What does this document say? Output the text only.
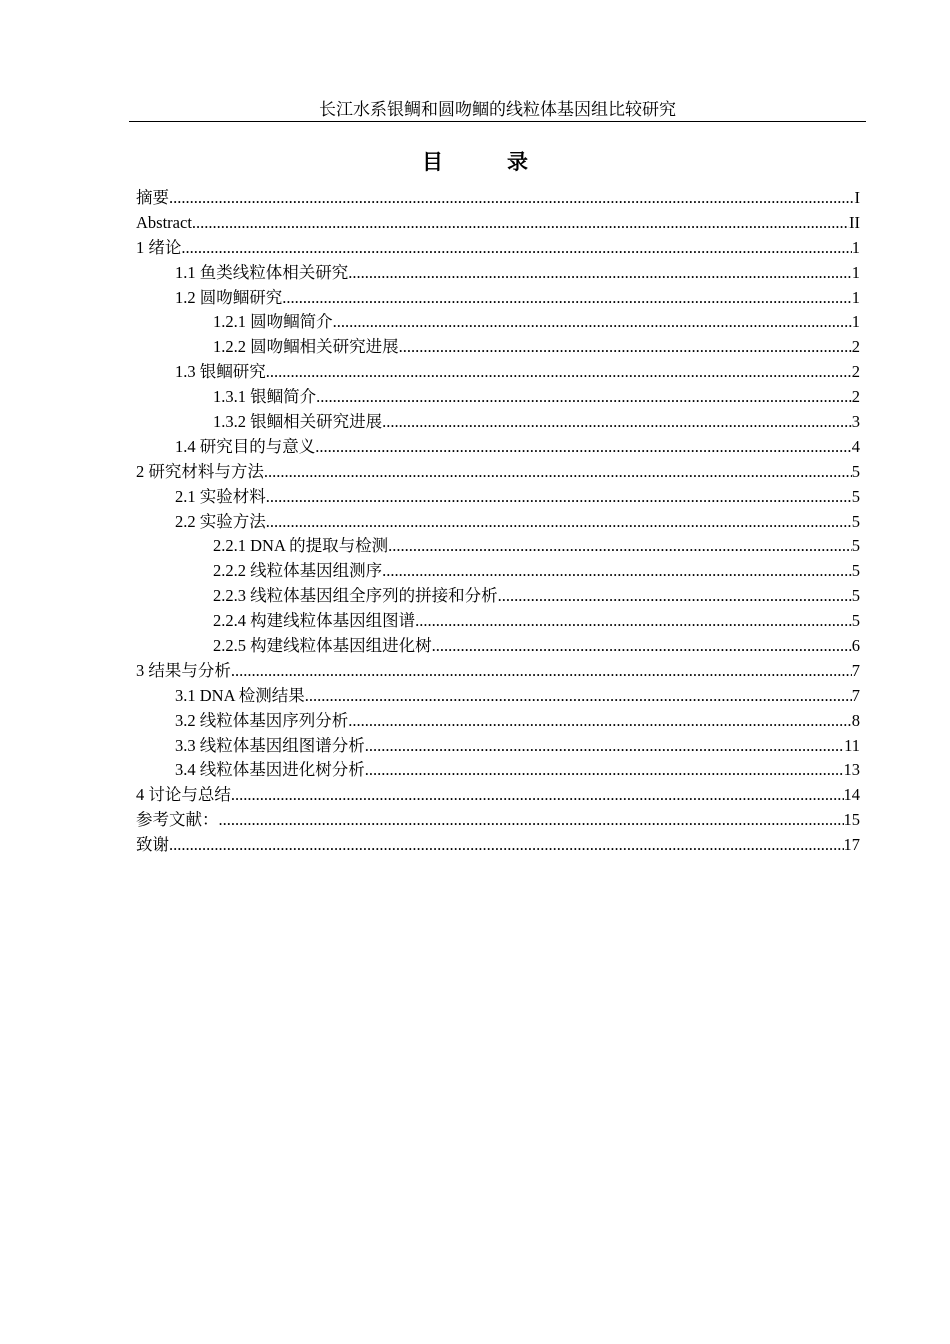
长江水系银鲷和圆吻鲴的线粒体基因组比较研究
目 录
摘要 .....	I
Abstract .....	II
1 绪论 .....	1
1.1 鱼类线粒体相关研究 .....	1
1.2 圆吻鲴研究 .....	1
1.2.1 圆吻鲴简介 .....	1
1.2.2 圆吻鲴相关研究进展 .....	2
1.3 银鲴研究 .....	2
1.3.1 银鲴简介 .....	2
1.3.2 银鲴相关研究进展 .....	3
1.4 研究目的与意义 .....	4
2 研究材料与方法 .....	5
2.1 实验材料 .....	5
2.2 实验方法 .....	5
2.2.1 DNA 的提取与检测 .....	5
2.2.2 线粒体基因组测序 .....	5
2.2.3 线粒体基因组全序列的拼接和分析 .....	5
2.2.4 构建线粒体基因组图谱 .....	5
2.2.5 构建线粒体基因组进化树 .....	6
3 结果与分析 .....	7
3.1 DNA 检测结果 .....	7
3.2 线粒体基因序列分析 .....	8
3.3 线粒体基因组图谱分析 .....	11
3.4 线粒体基因进化树分析 .....	13
4 讨论与总结 .....	14
参考文献： .....	15
致谢 .....	17
